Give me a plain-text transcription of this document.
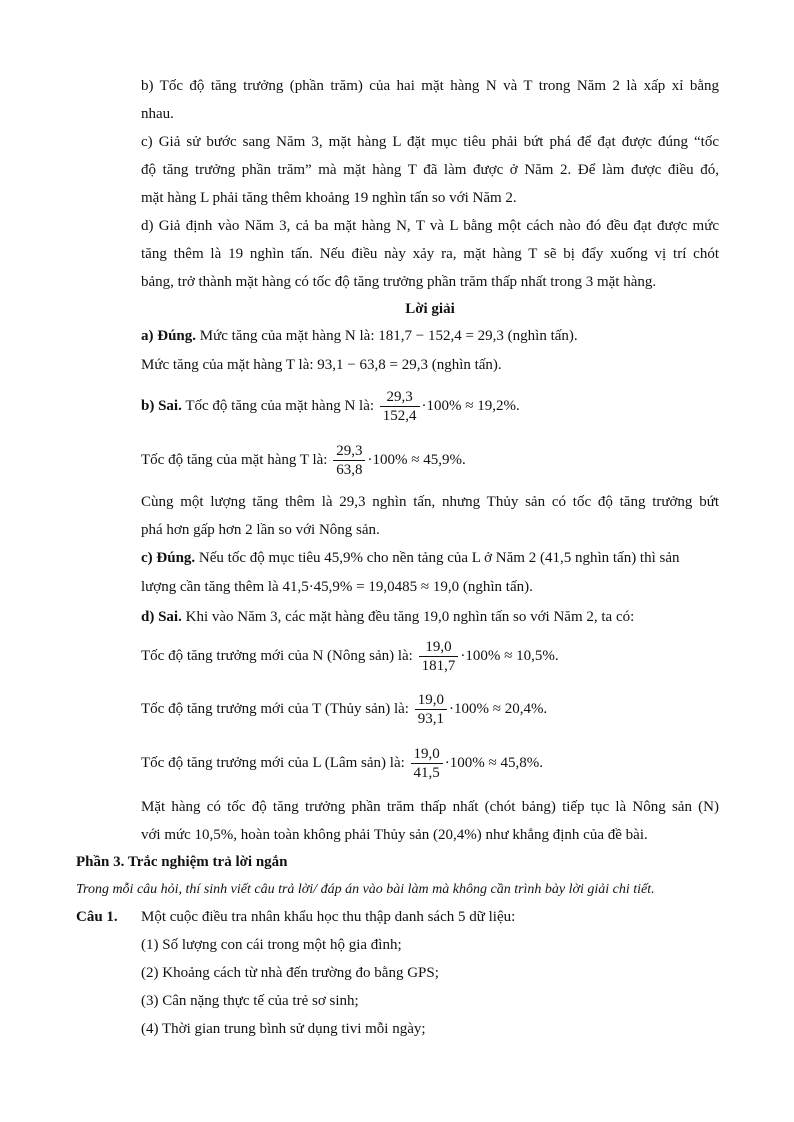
b) Tốc độ tăng trưởng (phần trăm) của hai mặt hàng N và T trong Năm 2 là xấp xỉ bằng
nhau.
c) Giả sử bước sang Năm 3, mặt hàng L đặt mục tiêu phải bứt phá để đạt được đúng “tốc
độ tăng trưởng phần trăm” mà mặt hàng T đã làm được ở Năm 2. Để làm được điều đó,
mặt hàng L phải tăng thêm khoảng 19 nghìn tấn so với Năm 2.
d) Giả định vào Năm 3, cả ba mặt hàng N, T và L bằng một cách nào đó đều đạt được mức
tăng thêm là 19 nghìn tấn. Nếu điều này xảy ra, mặt hàng T sẽ bị đẩy xuống vị trí chót
bảng, trở thành mặt hàng có tốc độ tăng trưởng phần trăm thấp nhất trong 3 mặt hàng.
Lời giải
a) Đúng. Mức tăng của mặt hàng N là: 181,7 − 152,4 = 29,3 (nghìn tấn).
Mức tăng của mặt hàng T là: 93,1 − 63,8 = 29,3 (nghìn tấn).
b) Sai. Tốc độ tăng của mặt hàng N là: $\frac{29,3}{152,4} \cdot 100\% \approx 19,2\%$.
Tốc độ tăng của mặt hàng T là: $\frac{29,3}{63,8} \cdot 100\% \approx 45,9\%$.
Cùng một lượng tăng thêm là 29,3 nghìn tấn, nhưng Thủy sản có tốc độ tăng trưởng bứt
phá hơn gấp hơn 2 lần so với Nông sản.
c) Đúng. Nếu tốc độ mục tiêu 45,9% cho nền tảng của L ở Năm 2 (41,5 nghìn tấn) thì sản
lượng cần tăng thêm là 41,5·45,9% = 19,0485 ≈ 19,0 (nghìn tấn).
d) Sai. Khi vào Năm 3, các mặt hàng đều tăng 19,0 nghìn tấn so với Năm 2, ta có:
Tốc độ tăng trưởng mới của N (Nông sản) là: $\frac{19,0}{181,7} \cdot 100\% \approx 10,5\%$.
Tốc độ tăng trưởng mới của T (Thủy sản) là: $\frac{19,0}{93,1} \cdot 100\% \approx 20,4\%$.
Tốc độ tăng trưởng mới của L (Lâm sản) là: $\frac{19,0}{41,5} \cdot 100\% \approx 45,8\%$.
Mặt hàng có tốc độ tăng trưởng phần trăm thấp nhất (chót bảng) tiếp tục là Nông sản (N)
với mức 10,5%, hoàn toàn không phải Thủy sản (20,4%) như khẳng định của đề bài.
Phần 3. Trắc nghiệm trả lời ngắn
Trong mỗi câu hỏi, thí sinh viết câu trả lời/ đáp án vào bài làm mà không cần trình bày lời giải chi tiết.
Câu 1. Một cuộc điều tra nhân khẩu học thu thập danh sách 5 dữ liệu:
(1) Số lượng con cái trong một hộ gia đình;
(2) Khoảng cách từ nhà đến trường đo bằng GPS;
(3) Cân nặng thực tế của trẻ sơ sinh;
(4) Thời gian trung bình sử dụng tivi mỗi ngày;
